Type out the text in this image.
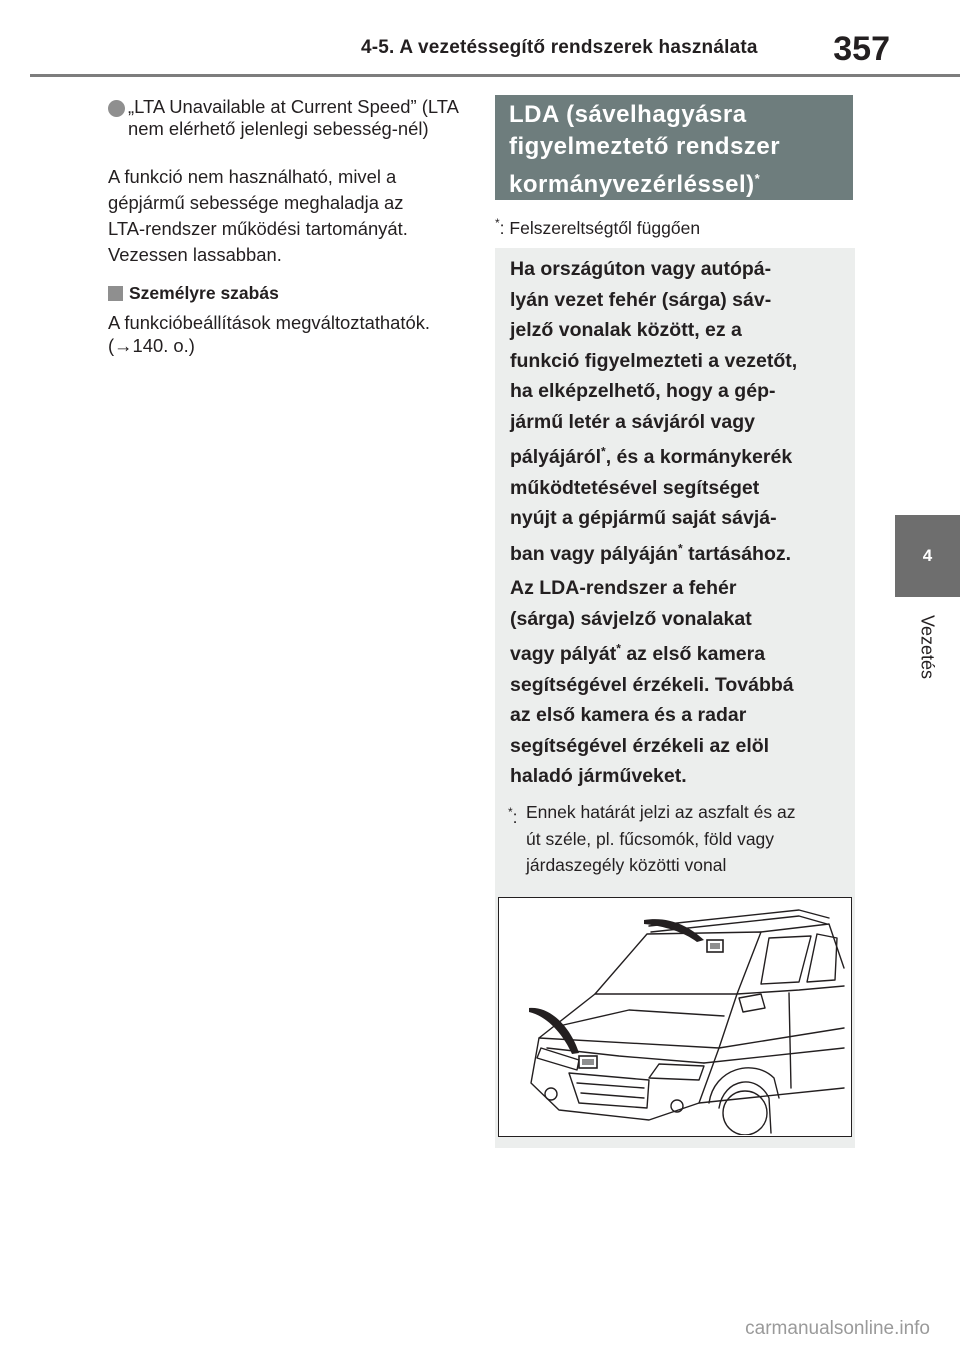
4-5. A vezetéssegítő rendszerek használata	357
4
Vezetés
„LTA Unavailable at Current Speed” (LTA nem elérhető jelenlegi sebesség-nél)
A funkció nem használható, mivel a
gépjármű sebessége meghaladja az
LTA-rendszer működési tartományát.
Vezessen lassabban.
Személyre szabás
A funkcióbeállítások megváltoztathatók.
(→140. o.)
LDA (sávelhagyásra
figyelmeztető rendszer
kormányvezérléssel)*
*: Felszereltségtől függően
Ha országúton vagy autópá-
lyán vezet fehér (sárga) sáv-
jelző vonalak között, ez a
funkció figyelmezteti a vezetőt,
ha elképzelhető, hogy a gép-
jármű letér a sávjáról vagy
pályájáról*, és a kormánykerék
működtetésével segítséget
nyújt a gépjármű saját sávjá-
ban vagy pályáján* tartásához.
Az LDA-rendszer a fehér
(sárga) sávjelző vonalakat
vagy pályát* az első kamera
segítségével érzékeli. Továbbá
az első kamera és a radar
segítségével érzékeli az elöl
haladó járműveket.
*: Ennek határát jelzi az aszfalt és az
út széle, pl. fűcsomók, föld vagy
járdaszegély közötti vonal
carmanualsonline.info
